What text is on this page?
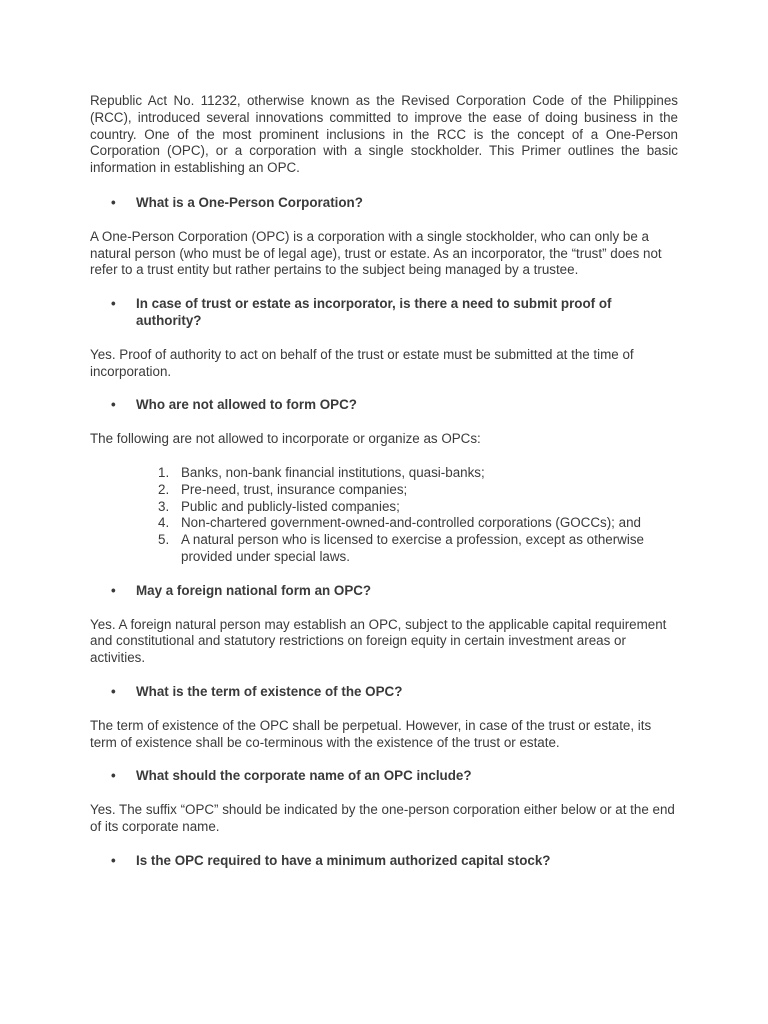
Republic Act No. 11232, otherwise known as the Revised Corporation Code of the Philippines (RCC), introduced several innovations committed to improve the ease of doing business in the country. One of the most prominent inclusions in the RCC is the concept of a One-Person Corporation (OPC), or a corporation with a single stockholder. This Primer outlines the basic information in establishing an OPC.

• What is a One-Person Corporation?

A One-Person Corporation (OPC) is a corporation with a single stockholder, who can only be a natural person (who must be of legal age), trust or estate. As an incorporator, the “trust” does not refer to a trust entity but rather pertains to the subject being managed by a trustee.

• In case of trust or estate as incorporator, is there a need to submit proof of authority?

Yes. Proof of authority to act on behalf of the trust or estate must be submitted at the time of incorporation.

• Who are not allowed to form OPC?

The following are not allowed to incorporate or organize as OPCs:

1. Banks, non-bank financial institutions, quasi-banks;
2. Pre-need, trust, insurance companies;
3. Public and publicly-listed companies;
4. Non-chartered government-owned-and-controlled corporations (GOCCs); and
5. A natural person who is licensed to exercise a profession, except as otherwise provided under special laws.

• May a foreign national form an OPC?

Yes. A foreign natural person may establish an OPC, subject to the applicable capital requirement and constitutional and statutory restrictions on foreign equity in certain investment areas or activities.

• What is the term of existence of the OPC?

The term of existence of the OPC shall be perpetual. However, in case of the trust or estate, its term of existence shall be co-terminous with the existence of the trust or estate.

• What should the corporate name of an OPC include?

Yes. The suffix “OPC” should be indicated by the one-person corporation either below or at the end of its corporate name.

• Is the OPC required to have a minimum authorized capital stock?
